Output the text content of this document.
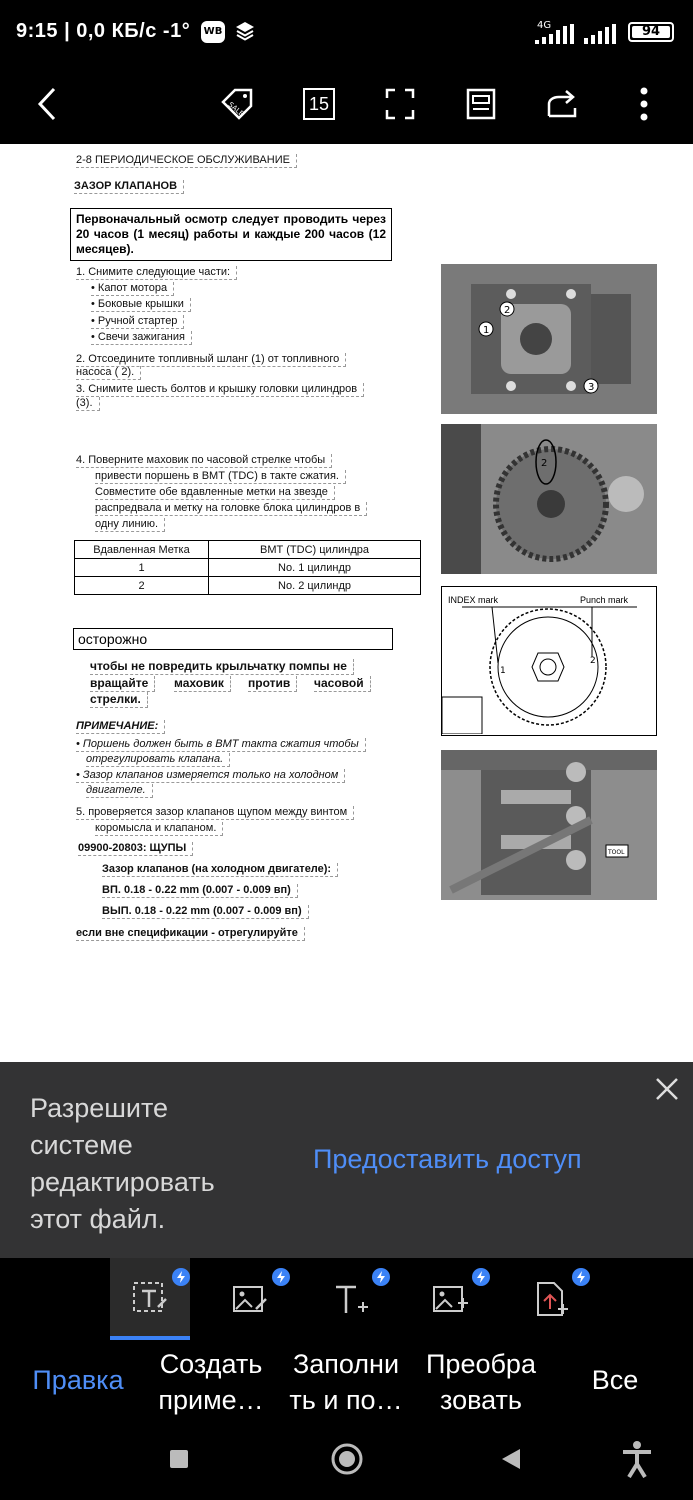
9:15 | 0,0 КБ/с -1° WB
4G	94
SALE	15
2-8 ПЕРИОДИЧЕСКОЕ ОБСЛУЖИВАНИЕ
ЗАЗОР КЛАПАНОВ
Первоначальный осмотр следует проводить через 20 часов (1 месяц) работы и каждые 200 часов (12 месяцев).
1. Снимите следующие части:
• Капот мотора
• Боковые крышки
• Ручной стартер
• Свечи зажигания
2. Отсоедините топливный шланг (1) от топливного
насоса ( 2).
3. Снимите шесть болтов и крышку головки цилиндров
(3).
4. Поверните маховик по часовой стрелке чтобы
привести поршень в ВМТ (TDC) в такте сжатия.
Совместите обе вдавленные метки на звезде
распредвала и метку на головке блока цилиндров в
одну линию.
Вдавленная Метка	ВМТ (TDC) цилиндра
1	No. 1 цилиндр
2	No. 2 цилиндр
осторожно
чтобы не повредить крыльчатку помпы не
вращайте	маховик	против	часовой
стрелки.
ПРИМЕЧАНИЕ:
• Поршень должен быть в ВМТ такта сжатия чтобы
отрегулировать клапана.
• Зазор клапанов измеряется только на холодном
двигателе.
5. проверяется зазор клапанов щупом между винтом
коромысла и клапаном.
09900-20803: ЩУПЫ
Зазор клапанов (на холодном двигателе):
ВП. 0.18 - 0.22 mm (0.007 - 0.009 вп)
ВЫП. 0.18 - 0.22 mm (0.007 - 0.009 вп)
если вне спецификации - отрегулируйте
1
2
3
2
INDEX mark	Punch mark
1
2
TOOL
Разрешите системе редактировать этот файл.
Предоставить доступ
Правка
Создать приме…
Заполни ть и по…
Преобра зовать
Все
